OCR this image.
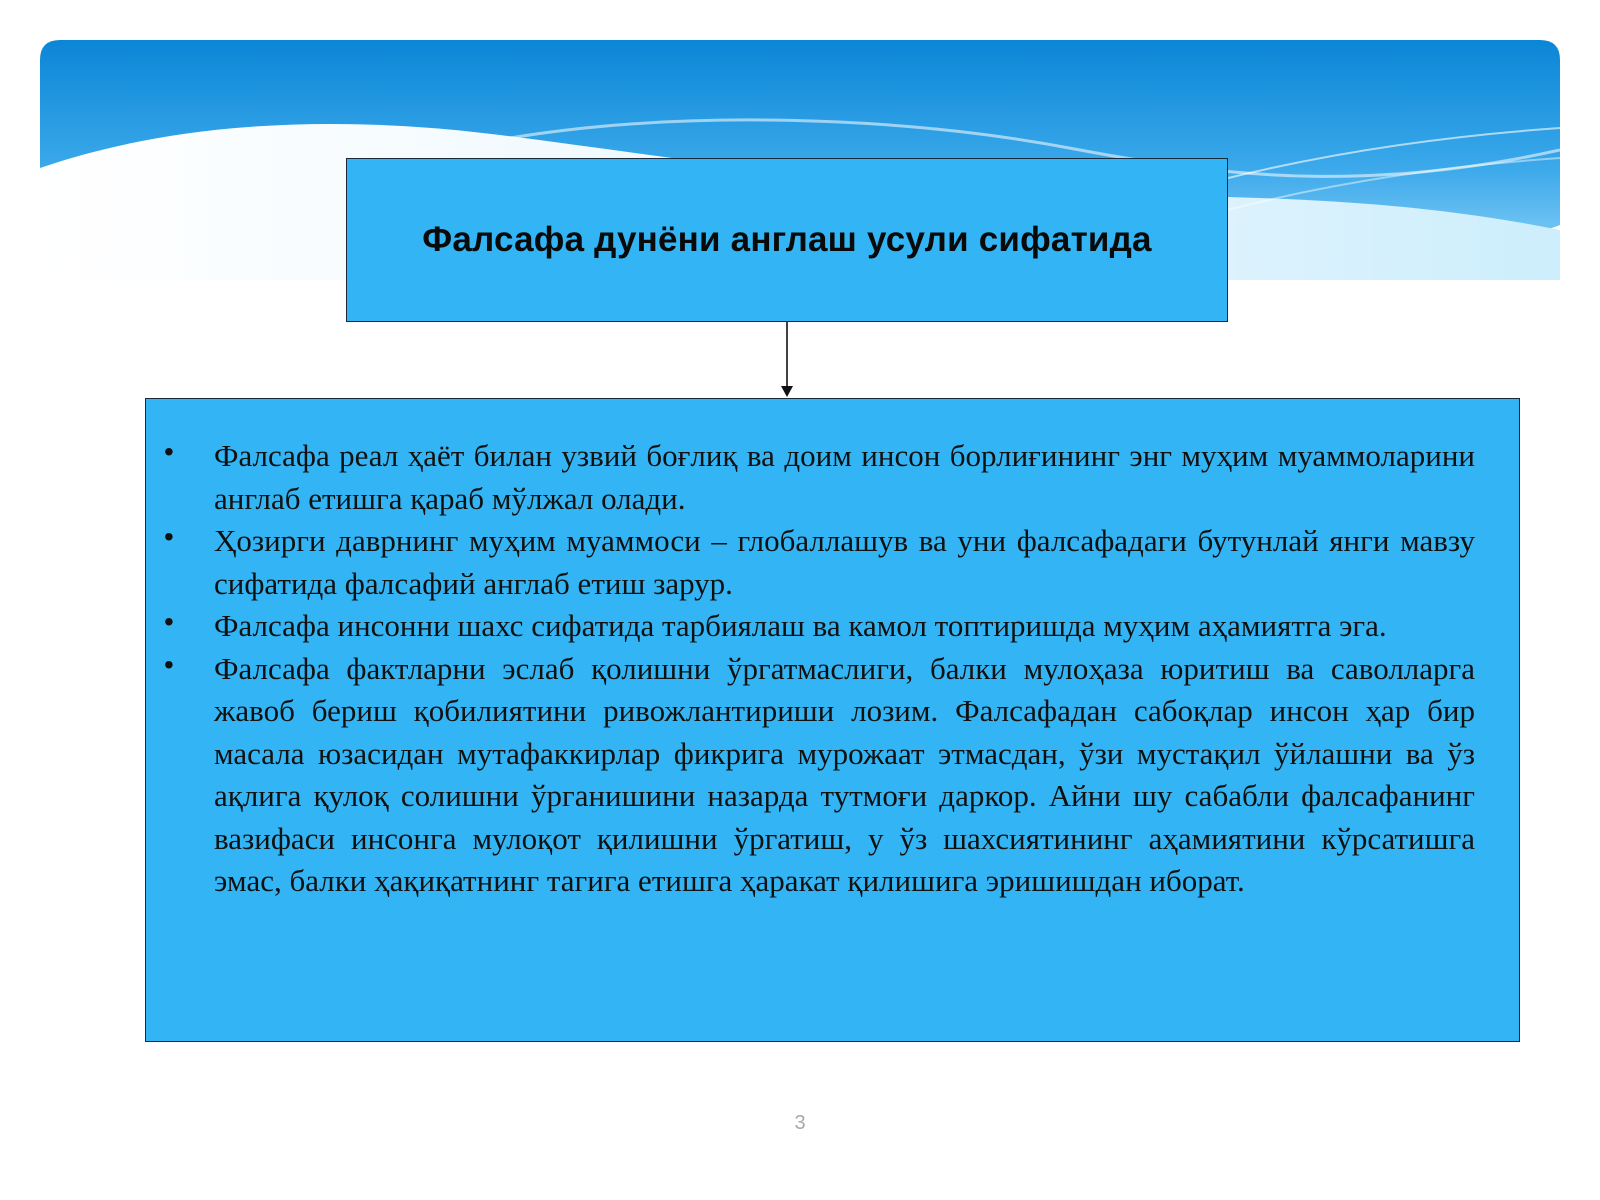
Фалсафа дунёни англаш усули сифатида
• Фалсафа реал ҳаёт билан узвий боғлиқ ва доим инсон борлиғининг энг муҳим муаммоларини англаб етишга қараб мўлжал олади.
• Ҳозирги даврнинг муҳим муаммоси – глобаллашув ва уни фалсафадаги бутунлай янги мавзу сифатида фалсафий англаб етиш зарур.
• Фалсафа инсонни шахс сифатида тарбиялаш ва камол топтиришда муҳим аҳамиятга эга.
• Фалсафа фактларни эслаб қолишни ўргатмаслиги, балки мулоҳаза юритиш ва саволларга жавоб бериш қобилиятини ривожлантириши лозим. Фалсафадан сабоқлар инсон ҳар бир масала юзасидан мутафаккирлар фикрига мурожаат этмасдан, ўзи мустақил ўйлашни ва ўз ақлига қулоқ солишни ўрганишини назарда тутмоғи даркор. Айни шу сабабли фалсафанинг вазифаси инсонга мулоқот қилишни ўргатиш, у ўз шахсиятининг аҳамиятини кўрсатишга эмас, балки ҳақиқатнинг тагига етишга ҳаракат қилишига эришишдан иборат.
3
